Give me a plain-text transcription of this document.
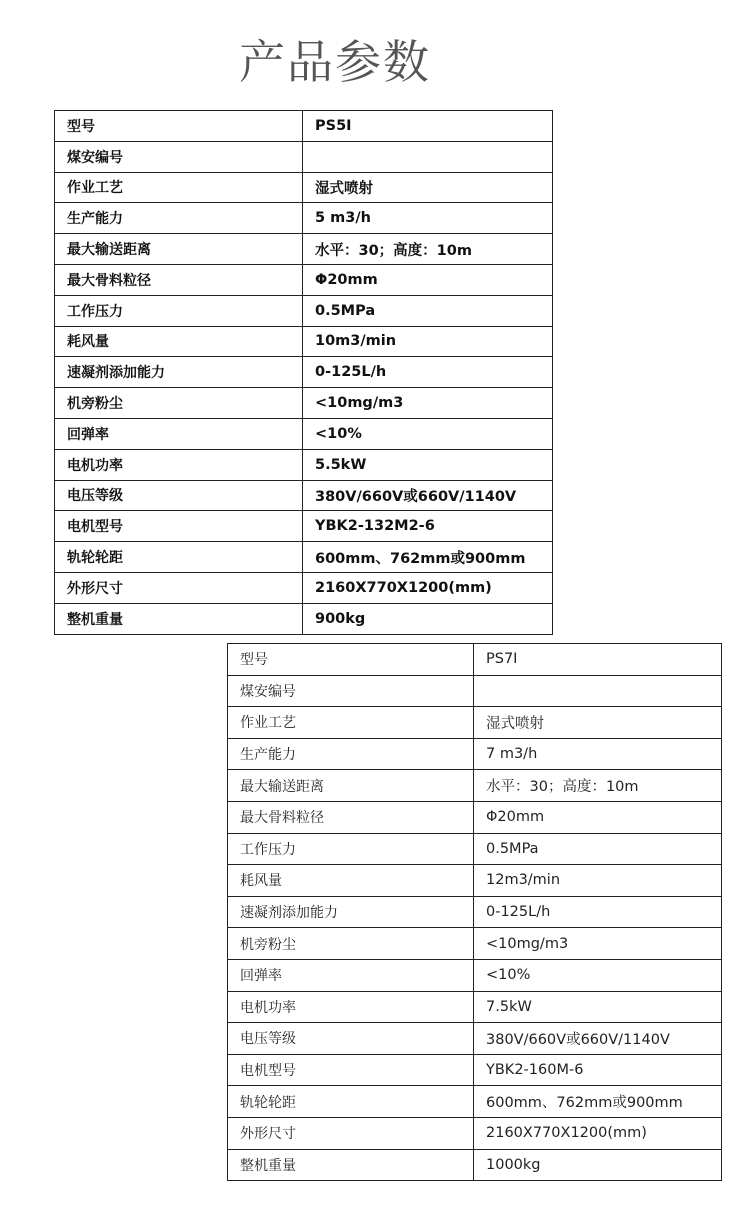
产品参数
型号	PS5I
煤安编号	
作业工艺	湿式喷射
生产能力	5 m3/h
最大输送距离	水平：30；高度：10m
最大骨料粒径	Φ20mm
工作压力	0.5MPa
耗风量	10m3/min
速凝剂添加能力	0-125L/h
机旁粉尘	<10mg/m3
回弹率	<10%
电机功率	5.5kW
电压等级	380V/660V或660V/1140V
电机型号	YBK2-132M2-6
轨轮轮距	600mm、762mm或900mm
外形尺寸	2160X770X1200(mm)
整机重量	900kg
型号	PS7I
煤安编号	
作业工艺	湿式喷射
生产能力	7 m3/h
最大输送距离	水平：30；高度：10m
最大骨料粒径	Φ20mm
工作压力	0.5MPa
耗风量	12m3/min
速凝剂添加能力	0-125L/h
机旁粉尘	<10mg/m3
回弹率	<10%
电机功率	7.5kW
电压等级	380V/660V或660V/1140V
电机型号	YBK2-160M-6
轨轮轮距	600mm、762mm或900mm
外形尺寸	2160X770X1200(mm)
整机重量	1000kg
